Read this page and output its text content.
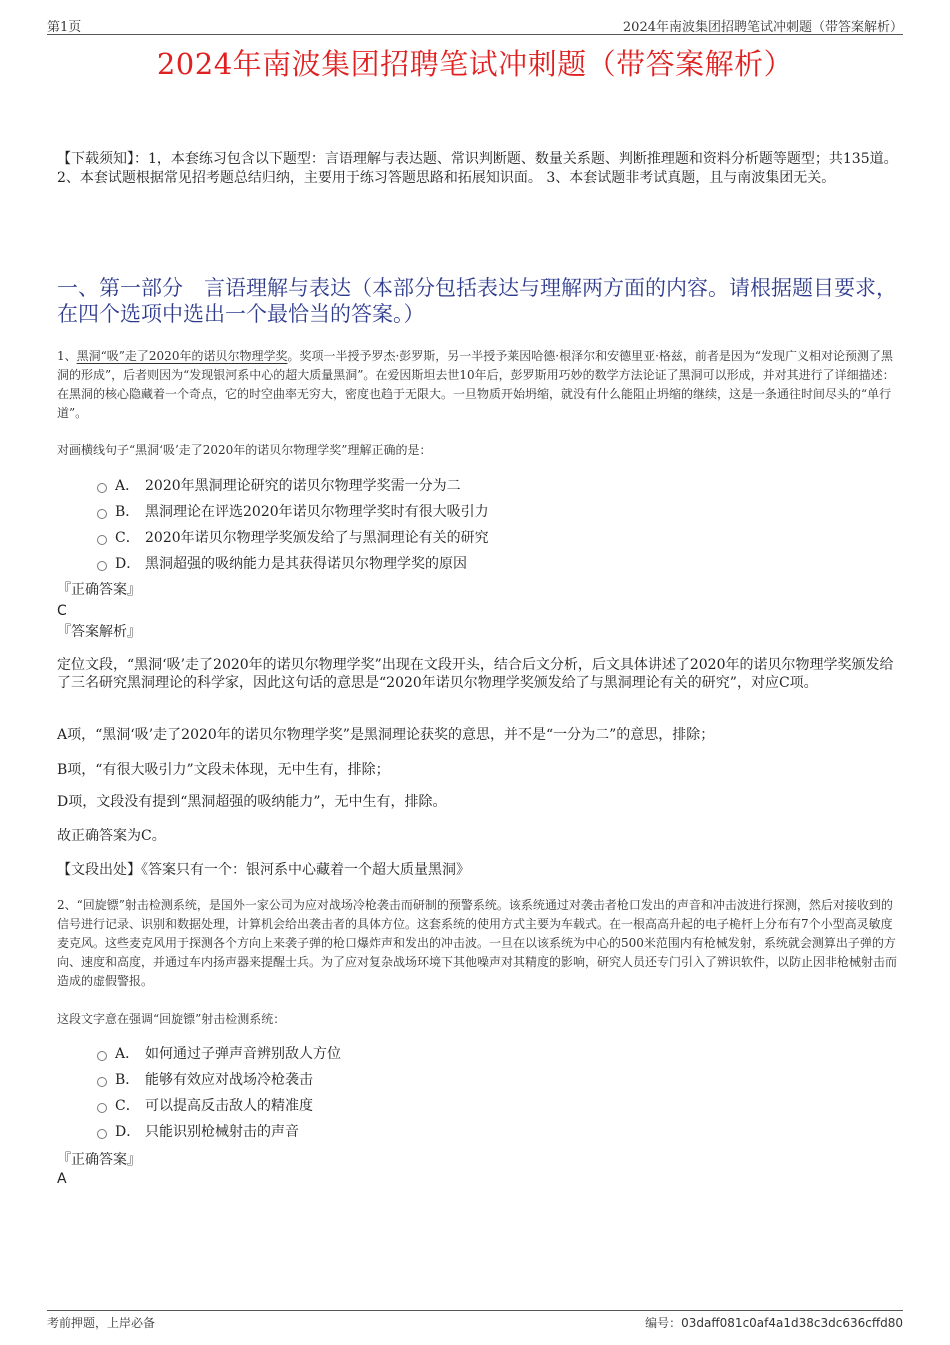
第1页	2024年南波集团招聘笔试冲刺题（带答案解析）
2024年南波集团招聘笔试冲刺题（带答案解析）
【下载须知】：1，本套练习包含以下题型：言语理解与表达题、常识判断题、数量关系题、判断推理题和资料分析题等题型；共135道。 2、本套试题根据常见招考题总结归纳，主要用于练习答题思路和拓展知识面。 3、本套试题非考试真题，且与南波集团无关。
一、第一部分　言语理解与表达（本部分包括表达与理解两方面的内容。请根据题目要求，在四个选项中选出一个最恰当的答案。）
1、黑洞“吸”走了2020年的诺贝尔物理学奖。奖项一半授予罗杰·彭罗斯，另一半授予莱因哈德·根泽尔和安德里亚·格兹，前者是因为“发现广义相对论预测了黑洞的形成”，后者则因为“发现银河系中心的超大质量黑洞”。在爱因斯坦去世10年后，彭罗斯用巧妙的数学方法论证了黑洞可以形成，并对其进行了详细描述：在黑洞的核心隐藏着一个奇点，它的时空曲率无穷大，密度也趋于无限大。一旦物质开始坍缩，就没有什么能阻止坍缩的继续，这是一条通往时间尽头的“单行道”。
对画横线句子“黑洞‘吸’走了2020年的诺贝尔物理学奖”理解正确的是：
A． 2020年黑洞理论研究的诺贝尔物理学奖需一分为二
B． 黑洞理论在评选2020年诺贝尔物理学奖时有很大吸引力
C． 2020年诺贝尔物理学奖颁发给了与黑洞理论有关的研究
D． 黑洞超强的吸纳能力是其获得诺贝尔物理学奖的原因
『正确答案』
C
『答案解析』
定位文段，“黑洞‘吸’走了2020年的诺贝尔物理学奖”出现在文段开头，结合后文分析，后文具体讲述了2020年的诺贝尔物理学奖颁发给了三名研究黑洞理论的科学家，因此这句话的意思是“2020年诺贝尔物理学奖颁发给了与黑洞理论有关的研究”，对应C项。
A项，“黑洞‘吸’走了2020年的诺贝尔物理学奖”是黑洞理论获奖的意思，并不是“一分为二”的意思，排除；
B项，“有很大吸引力”文段未体现，无中生有，排除；
D项，文段没有提到“黑洞超强的吸纳能力”，无中生有，排除。
故正确答案为C。
【文段出处】《答案只有一个：银河系中心藏着一个超大质量黑洞》
2、“回旋镖”射击检测系统，是国外一家公司为应对战场冷枪袭击而研制的预警系统。该系统通过对袭击者枪口发出的声音和冲击波进行探测，然后对接收到的信号进行记录、识别和数据处理，计算机会给出袭击者的具体方位。这套系统的使用方式主要为车载式。在一根高高升起的电子桅杆上分布有7个小型高灵敏度麦克风。这些麦克风用于探测各个方向上来袭子弹的枪口爆炸声和发出的冲击波。一旦在以该系统为中心的500米范围内有枪械发射，系统就会测算出子弹的方向、速度和高度，并通过车内扬声器来提醒士兵。为了应对复杂战场环境下其他噪声对其精度的影响，研究人员还专门引入了辨识软件，以防止因非枪械射击而造成的虚假警报。
这段文字意在强调“回旋镖”射击检测系统：
A． 如何通过子弹声音辨别敌人方位
B． 能够有效应对战场冷枪袭击
C． 可以提高反击敌人的精准度
D． 只能识别枪械射击的声音
『正确答案』
A
考前押题，上岸必备	编号：03daff081c0af4a1d38c3dc636cffd80
